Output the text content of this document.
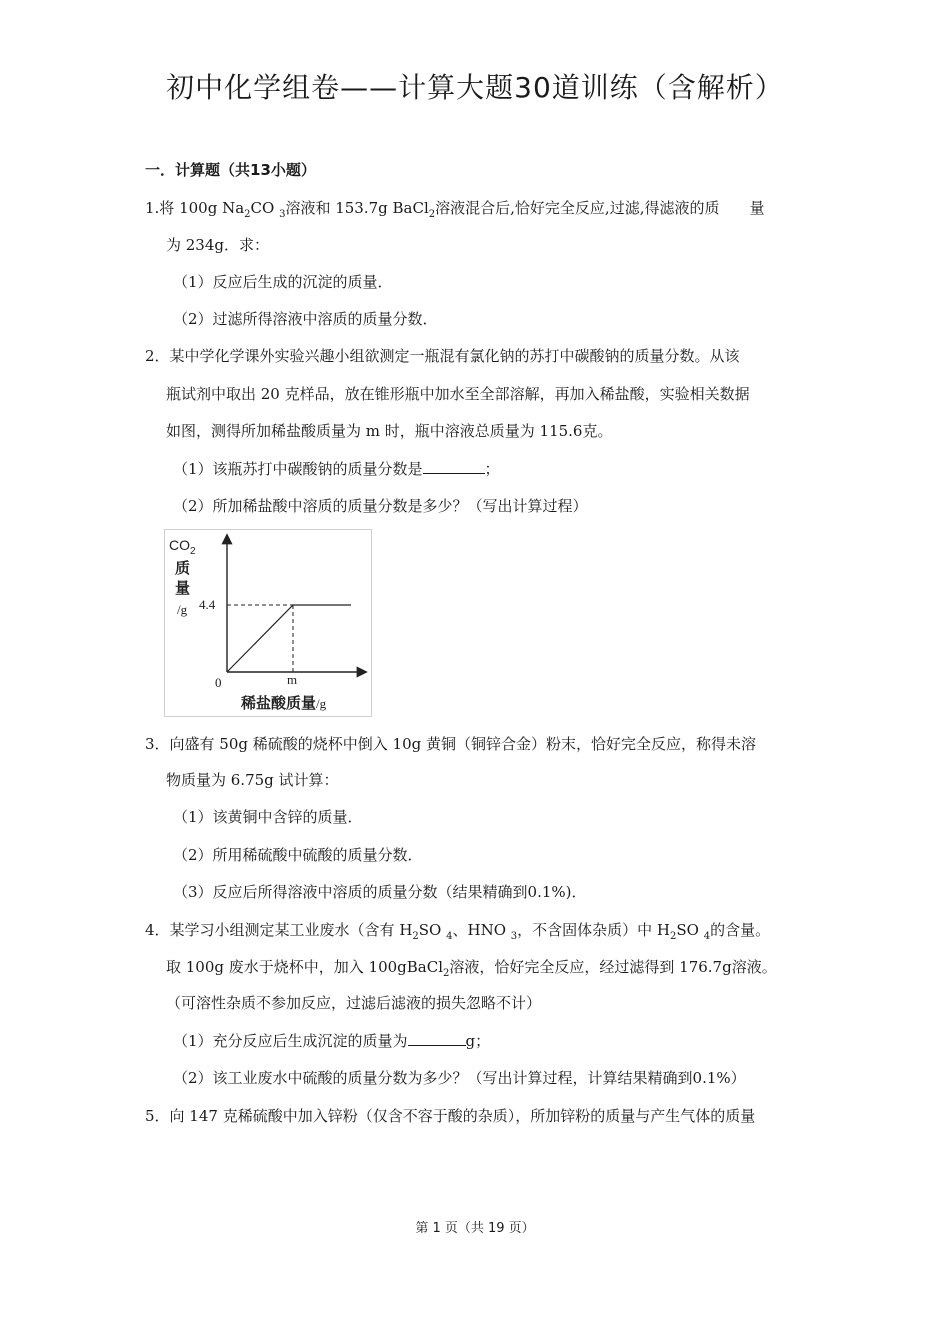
初中化学组卷——计算大题30道训练（含解析）
一．计算题（共13小题）
1.将 100g $Na_2CO$ $_3$溶液和 153.7g BaCl$_2$溶液混合后,恰好完全反应,过滤,得滤液的质　　量
为 234g．求：
（1）反应后生成的沉淀的质量．
（2）过滤所得溶液中溶质的质量分数．
2．某中学化学课外实验兴趣小组欲测定一瓶混有氯化钠的苏打中碳酸钠的质量分数。从该
瓶试剂中取出 20 克样品，放在锥形瓶中加水至全部溶解，再加入稀盐酸，实验相关数据
如图，测得所加稀盐酸质量为 m 时，瓶中溶液总质量为 115.6克。
（1）该瓶苏打中碳酸钠的质量分数是	；
（2）所加稀盐酸中溶质的质量分数是多少？（写出计算过程）
$CO_2$
质
量
/g 4.4
0	m
稀盐酸质量/g
3．向盛有 50g 稀硫酸的烧杯中倒入 10g 黄铜（铜锌合金）粉末，恰好完全反应，称得未溶
物质量为 6.75g 试计算：
（1）该黄铜中含锌的质量．
（2）所用稀硫酸中硫酸的质量分数．
（3）反应后所得溶液中溶质的质量分数（结果精确到0.1%)．
4．某学习小组测定某工业废水（含有 $H_2SO$ $_4$、HNO $_3$，不含固体杂质）中 $H_2SO$ $_4$的含量。
取 100g 废水于烧杯中，加入 100gBaCl$_2$溶液，恰好完全反应，经过滤得到 176.7g溶液。
（可溶性杂质不参加反应，过滤后滤液的损失忽略不计）
（1）充分反应后生成沉淀的质量为	g；
（2）该工业废水中硫酸的质量分数为多少？（写出计算过程，计算结果精确到0.1%）
5．向 147 克稀硫酸中加入锌粉（仅含不容于酸的杂质），所加锌粉的质量与产生气体的质量
第 1 页（共 19 页）
